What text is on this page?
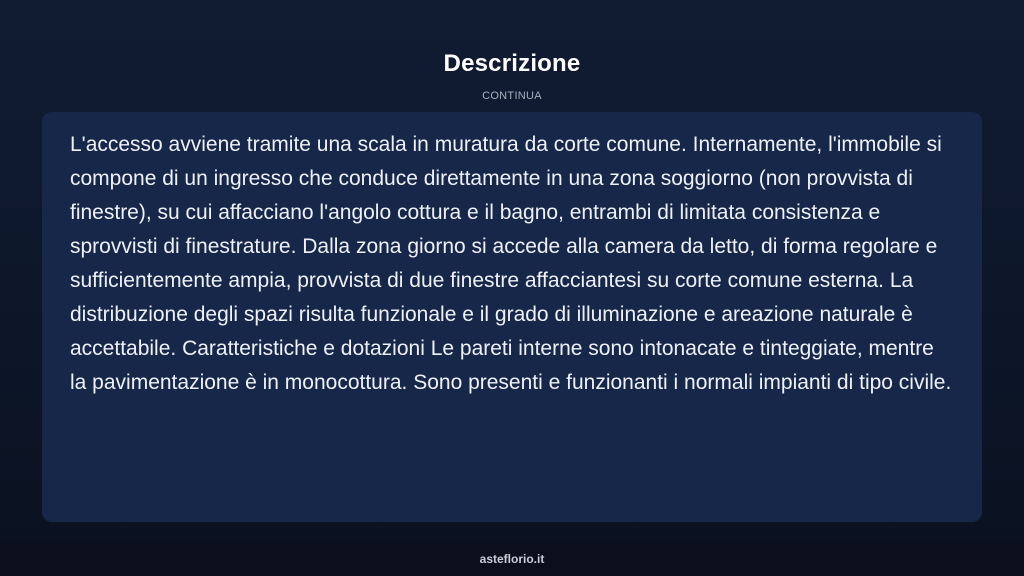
Descrizione
CONTINUA

L'accesso avviene tramite una scala in muratura da corte comune. Internamente, l'immobile si compone di un ingresso che conduce direttamente in una zona soggiorno (non provvista di finestre), su cui affacciano l'angolo cottura e il bagno, entrambi di limitata consistenza e sprovvisti di finestrature. Dalla zona giorno si accede alla camera da letto, di forma regolare e sufficientemente ampia, provvista di due finestre affacciantesi su corte comune esterna. La distribuzione degli spazi risulta funzionale e il grado di illuminazione e areazione naturale è accettabile. Caratteristiche e dotazioni Le pareti interne sono intonacate e tinteggiate, mentre la pavimentazione è in monocottura. Sono presenti e funzionanti i normali impianti di tipo civile.

asteflorio.it
